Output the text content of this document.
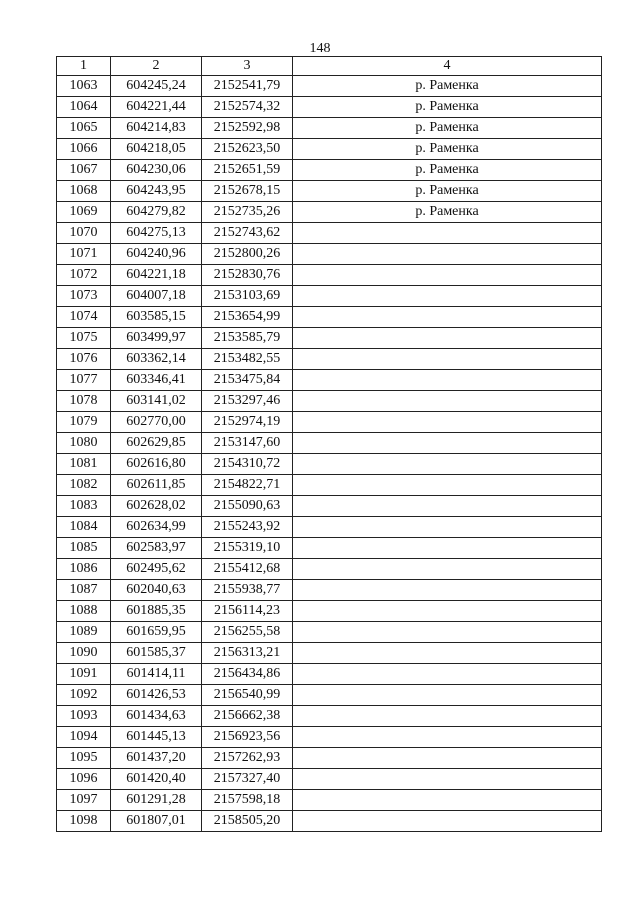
148
1	2	3	4
1063	604245,24	2152541,79	р. Раменка
1064	604221,44	2152574,32	р. Раменка
1065	604214,83	2152592,98	р. Раменка
1066	604218,05	2152623,50	р. Раменка
1067	604230,06	2152651,59	р. Раменка
1068	604243,95	2152678,15	р. Раменка
1069	604279,82	2152735,26	р. Раменка
1070	604275,13	2152743,62	
1071	604240,96	2152800,26	
1072	604221,18	2152830,76	
1073	604007,18	2153103,69	
1074	603585,15	2153654,99	
1075	603499,97	2153585,79	
1076	603362,14	2153482,55	
1077	603346,41	2153475,84	
1078	603141,02	2153297,46	
1079	602770,00	2152974,19	
1080	602629,85	2153147,60	
1081	602616,80	2154310,72	
1082	602611,85	2154822,71	
1083	602628,02	2155090,63	
1084	602634,99	2155243,92	
1085	602583,97	2155319,10	
1086	602495,62	2155412,68	
1087	602040,63	2155938,77	
1088	601885,35	2156114,23	
1089	601659,95	2156255,58	
1090	601585,37	2156313,21	
1091	601414,11	2156434,86	
1092	601426,53	2156540,99	
1093	601434,63	2156662,38	
1094	601445,13	2156923,56	
1095	601437,20	2157262,93	
1096	601420,40	2157327,40	
1097	601291,28	2157598,18	
1098	601807,01	2158505,20	
